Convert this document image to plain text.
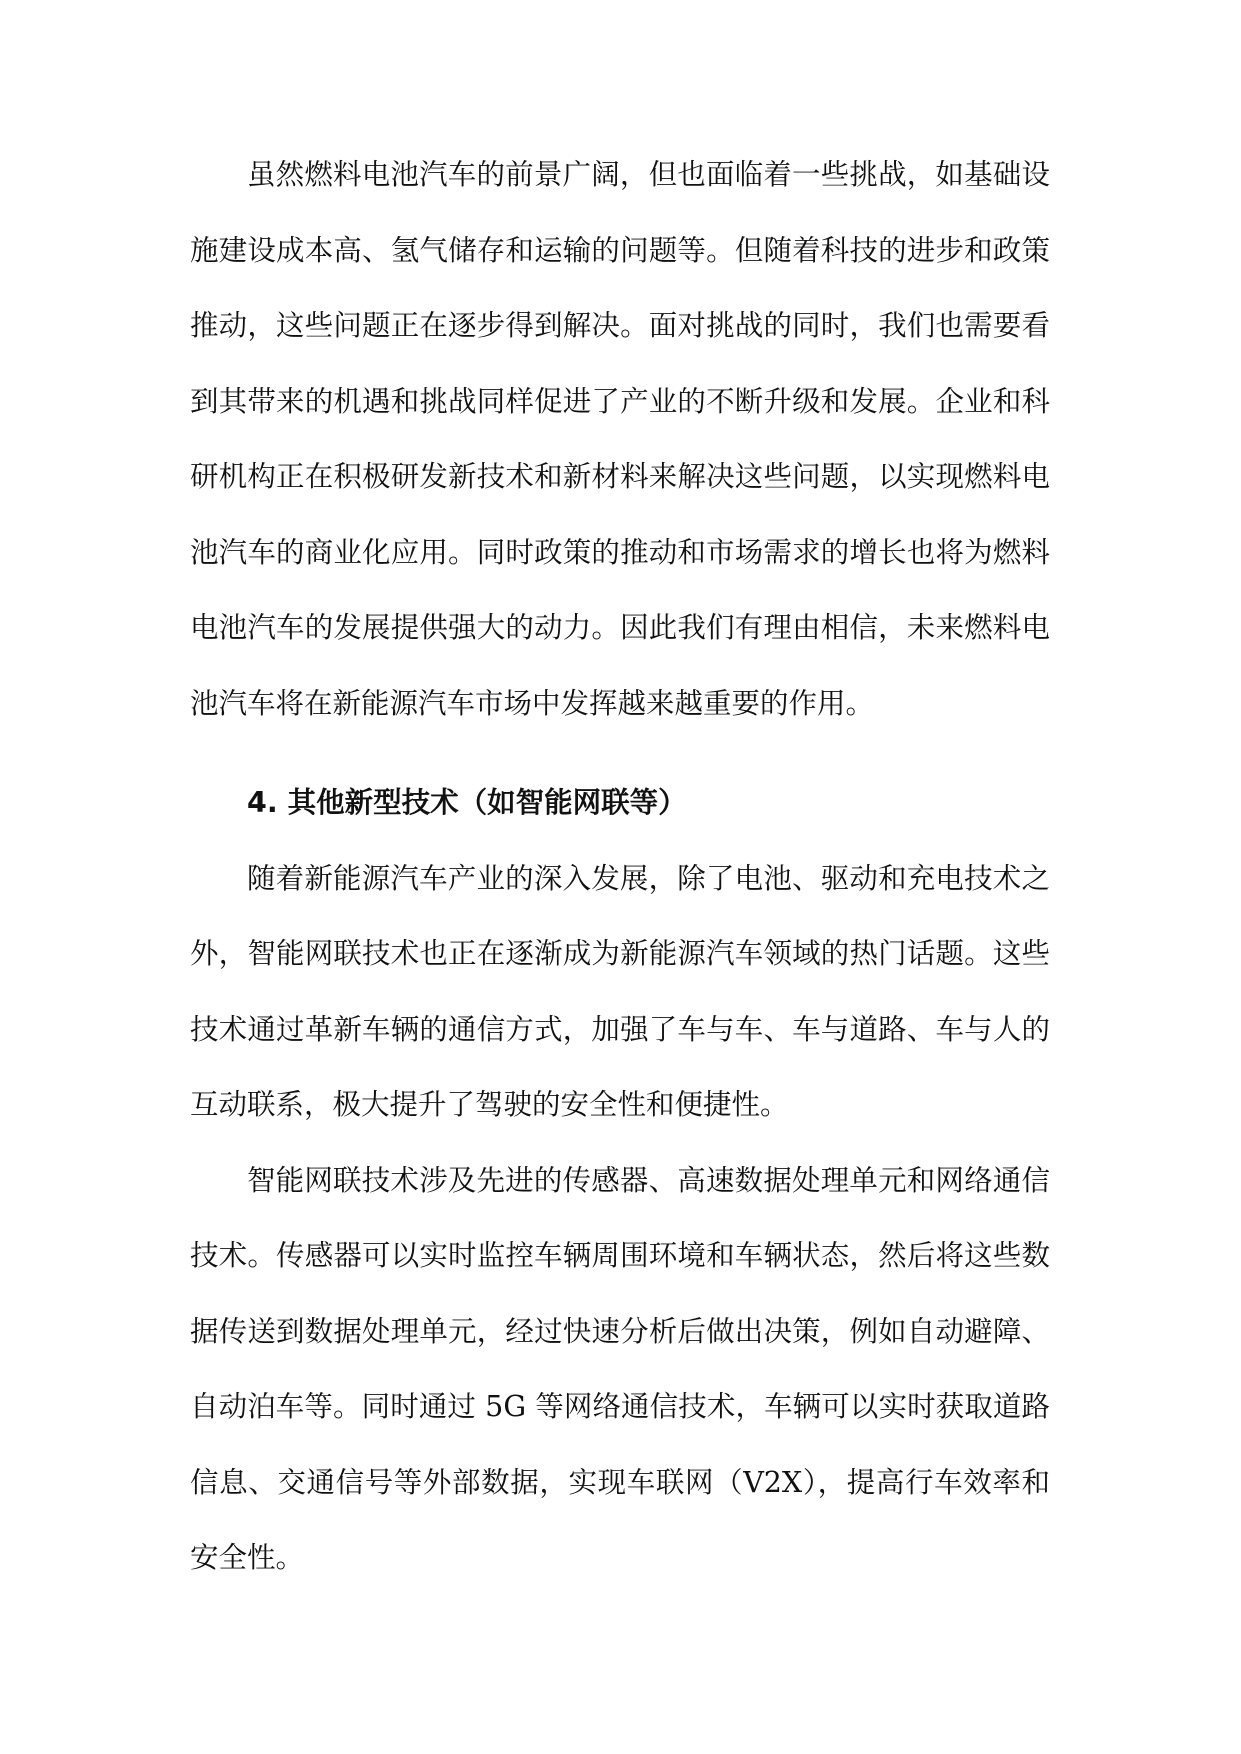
虽然燃料电池汽车的前景广阔，但也面临着一些挑战，如基础设
施建设成本高、氢气储存和运输的问题等。但随着科技的进步和政策
推动，这些问题正在逐步得到解决。面对挑战的同时，我们也需要看
到其带来的机遇和挑战同样促进了产业的不断升级和发展。企业和科
研机构正在积极研发新技术和新材料来解决这些问题，以实现燃料电
池汽车的商业化应用。同时政策的推动和市场需求的增长也将为燃料
电池汽车的发展提供强大的动力。因此我们有理由相信，未来燃料电
池汽车将在新能源汽车市场中发挥越来越重要的作用。
4. 其他新型技术（如智能网联等）
随着新能源汽车产业的深入发展，除了电池、驱动和充电技术之
外，智能网联技术也正在逐渐成为新能源汽车领域的热门话题。这些
技术通过革新车辆的通信方式，加强了车与车、车与道路、车与人的
互动联系，极大提升了驾驶的安全性和便捷性。
智能网联技术涉及先进的传感器、高速数据处理单元和网络通信
技术。传感器可以实时监控车辆周围环境和车辆状态，然后将这些数
据传送到数据处理单元，经过快速分析后做出决策，例如自动避障、
自动泊车等。同时通过 5G 等网络通信技术，车辆可以实时获取道路
信息、交通信号等外部数据，实现车联网（V2X），提高行车效率和
安全性。
